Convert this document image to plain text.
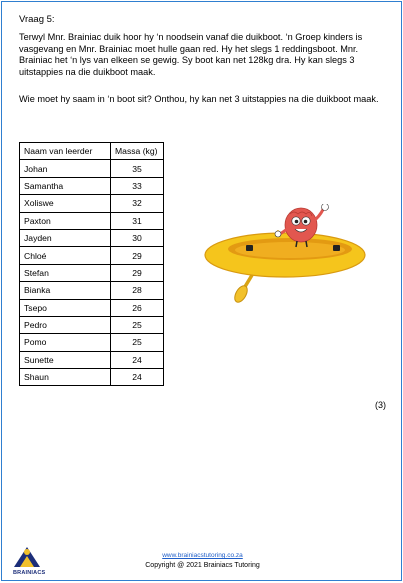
Vraag 5:
Terwyl Mnr. Brainiac duik hoor hy ‘n noodsein vanaf die duikboot. ‘n Groep kinders is vasgevang en Mnr. Brainiac moet hulle gaan red. Hy het slegs 1 reddingsboot. Mnr. Brainiac het ‘n lys van elkeen se gewig. Sy boot kan net 128kg dra. Hy kan slegs 3 uitstappies na die duikboot maak.
Wie moet hy saam in ‘n boot sit? Onthou, hy kan net 3 uitstappies na die duikboot maak.
Naam van leerder	Massa (kg)
Johan	35
Samantha	33
Xoliswe	32
Paxton	31
Jayden	30
Chloé	29
Stefan	29
Bianka	28
Tsepo	26
Pedro	25
Pomo	25
Sunette	24
Shaun	24
(3)
BRAINIACS
www.brainiacstutoring.co.za
Copyright @ 2021 Brainiacs Tutoring
